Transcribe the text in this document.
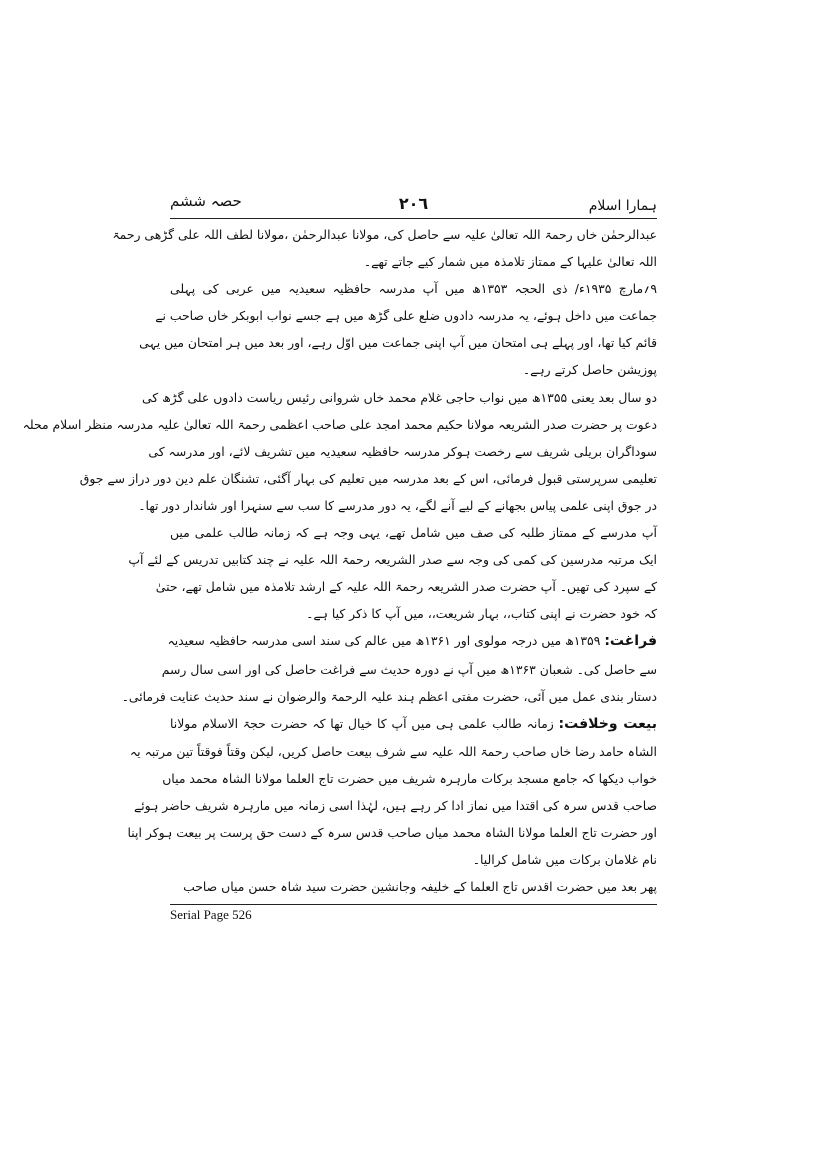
ہمارا اسلام
٢٠٦
حصہ ششم

عبدالرحمٰن خاں رحمۃ اللہ تعالیٰ علیہ سے حاصل کی، مولانا عبدالرحمٰن ،مولانا لطف اللہ علی گڑھی رحمۃ
اللہ تعالیٰ علیہا کے ممتاز تلامذہ میں شمار کیے جاتے تھے۔

۹؍مارچ ۱۹۳۵ء/ ذی الحجہ ۱۳۵۳ھ میں آپ مدرسہ حافظیہ سعیدیہ میں عربی کی پہلی
جماعت میں داخل ہوئے، یہ مدرسہ دادوں ضلع علی گڑھ میں ہے جسے نواب ابوبکر خاں صاحب نے
قائم کیا تھا، اور پہلے ہی امتحان میں آپ اپنی جماعت میں اوّل رہے، اور بعد میں ہر امتحان میں یہی
پوزیشن حاصل کرتے رہے۔

دو سال بعد یعنی ۱۳۵۵ھ میں نواب حاجی غلام محمد خاں شروانی رئیس ریاست دادوں علی گڑھ کی
دعوت پر حضرت صدر الشریعہ مولانا حکیم محمد امجد علی صاحب اعظمی رحمۃ اللہ تعالیٰ علیہ مدرسہ منظر اسلام محلہ
سوداگران بریلی شریف سے رخصت ہوکر مدرسہ حافظیہ سعیدیہ میں تشریف لائے، اور مدرسہ کی
تعلیمی سرپرستی قبول فرمائی، اس کے بعد مدرسہ میں تعلیم کی بہار آگئی، تشنگان علم دین دور دراز سے جوق
در جوق اپنی علمی پیاس بجھانے کے لیے آنے لگے، یہ دور مدرسے کا سب سے سنہرا اور شاندار دور تھا۔

آپ مدرسے کے ممتاز طلبہ کی صف میں شامل تھے، یہی وجہ ہے کہ زمانہ طالب علمی میں
ایک مرتبہ مدرسین کی کمی کی وجہ سے صدر الشریعہ رحمۃ اللہ علیہ نے چند کتابیں تدریس کے لئے آپ
کے سپرد کی تھیں۔ آپ حضرت صدر الشریعہ رحمۃ اللہ علیہ کے ارشد تلامذہ میں شامل تھے، حتیٰ
کہ خود حضرت نے اپنی کتاب،، بہار شریعت،، میں آپ کا ذکر کیا ہے۔

فراغت: ۱۳۵۹ھ میں درجہ مولوی اور ۱۳۶۱ھ میں عالم کی سند اسی مدرسہ حافظیہ سعیدیہ
سے حاصل کی۔ شعبان ۱۳۶۳ھ میں آپ نے دورہ حدیث سے فراغت حاصل کی اور اسی سال رسم
دستار بندی عمل میں آئی، حضرت مفتی اعظم ہند علیہ الرحمۃ والرضوان نے سند حدیث عنایت فرمائی۔

بیعت وخلافت: زمانہ طالب علمی ہی میں آپ کا خیال تھا کہ حضرت حجۃ الاسلام مولانا
الشاہ حامد رضا خاں صاحب رحمۃ اللہ علیہ سے شرف بیعت حاصل کریں، لیکن وقتاً فوقتاً تین مرتبہ یہ
خواب دیکھا کہ جامع مسجد برکات مارہرہ شریف میں حضرت تاج العلما مولانا الشاہ محمد میاں
صاحب قدس سرہ کی اقتدا میں نماز ادا کر رہے ہیں، لہٰذا اسی زمانہ میں مارہرہ شریف حاضر ہوئے
اور حضرت تاج العلما مولانا الشاہ محمد میاں صاحب قدس سرہ کے دست حق پرست پر بیعت ہوکر اپنا
نام غلامان برکات میں شامل کرالیا۔

پھر بعد میں حضرت اقدس تاج العلما کے خلیفہ وجانشین حضرت سید شاہ حسن میاں صاحب

Serial Page 526
